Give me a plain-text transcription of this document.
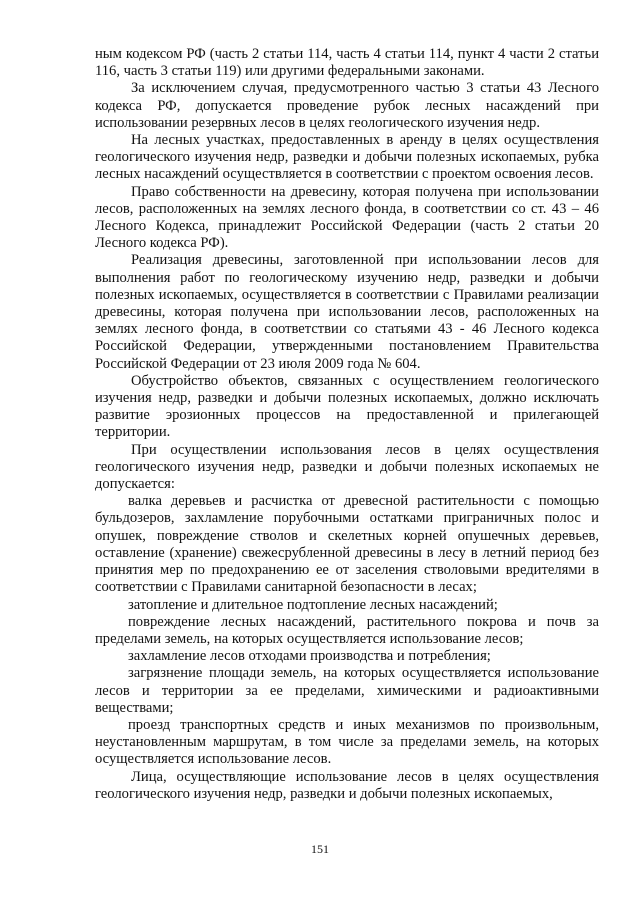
ным кодексом РФ (часть 2 статьи 114, часть 4 статьи 114, пункт 4 части 2 статьи 116, часть 3 статьи 119) или другими федеральными законами.

За исключением случая, предусмотренного частью 3 статьи 43 Лесного кодекса РФ, допускается проведение рубок лесных насаждений при использовании резервных лесов в целях геологического изучения недр.

На лесных участках, предоставленных в аренду в целях осуществления геологического изучения недр, разведки и добычи полезных ископаемых, рубка лесных насаждений осуществляется в соответствии с проектом освоения лесов.

Право собственности на древесину, которая получена при использовании лесов, расположенных на землях лесного фонда, в соответствии со ст. 43 – 46 Лесного Кодекса, принадлежит Российской Федерации (часть 2 статьи 20 Лесного кодекса РФ).

Реализация древесины, заготовленной при использовании лесов для выполнения работ по геологическому изучению недр, разведки и добычи полезных ископаемых, осуществляется в соответствии с Правилами реализации древесины, которая получена при использовании лесов, расположенных на землях лесного фонда, в соответствии со статьями 43 - 46 Лесного кодекса Российской Федерации, утвержденными постановлением Правительства Российской Федерации от 23 июля 2009 года № 604.

Обустройство объектов, связанных с осуществлением геологического изучения недр, разведки и добычи полезных ископаемых, должно исключать развитие эрозионных процессов на предоставленной и прилегающей территории.

При осуществлении использования лесов в целях осуществления геологического изучения недр, разведки и добычи полезных ископаемых не допускается:

валка деревьев и расчистка от древесной растительности с помощью бульдозеров, захламление порубочными остатками приграничных полос и опушек, повреждение стволов и скелетных корней опушечных деревьев, оставление (хранение) свежесрубленной древесины в лесу в летний период без принятия мер по предохранению ее от заселения стволовыми вредителями в соответствии с Правилами санитарной безопасности в лесах;

затопление и длительное подтопление лесных насаждений;

повреждение лесных насаждений, растительного покрова и почв за пределами земель, на которых осуществляется использование лесов;

захламление лесов отходами производства и потребления;

загрязнение площади земель, на которых осуществляется использование лесов и территории за ее пределами, химическими и радиоактивными веществами;

проезд транспортных средств и иных механизмов по произвольным, неустановленным маршрутам, в том числе за пределами земель, на которых осуществляется использование лесов.

Лица, осуществляющие использование лесов в целях осуществления геологического изучения недр, разведки и добычи полезных ископаемых,

151
